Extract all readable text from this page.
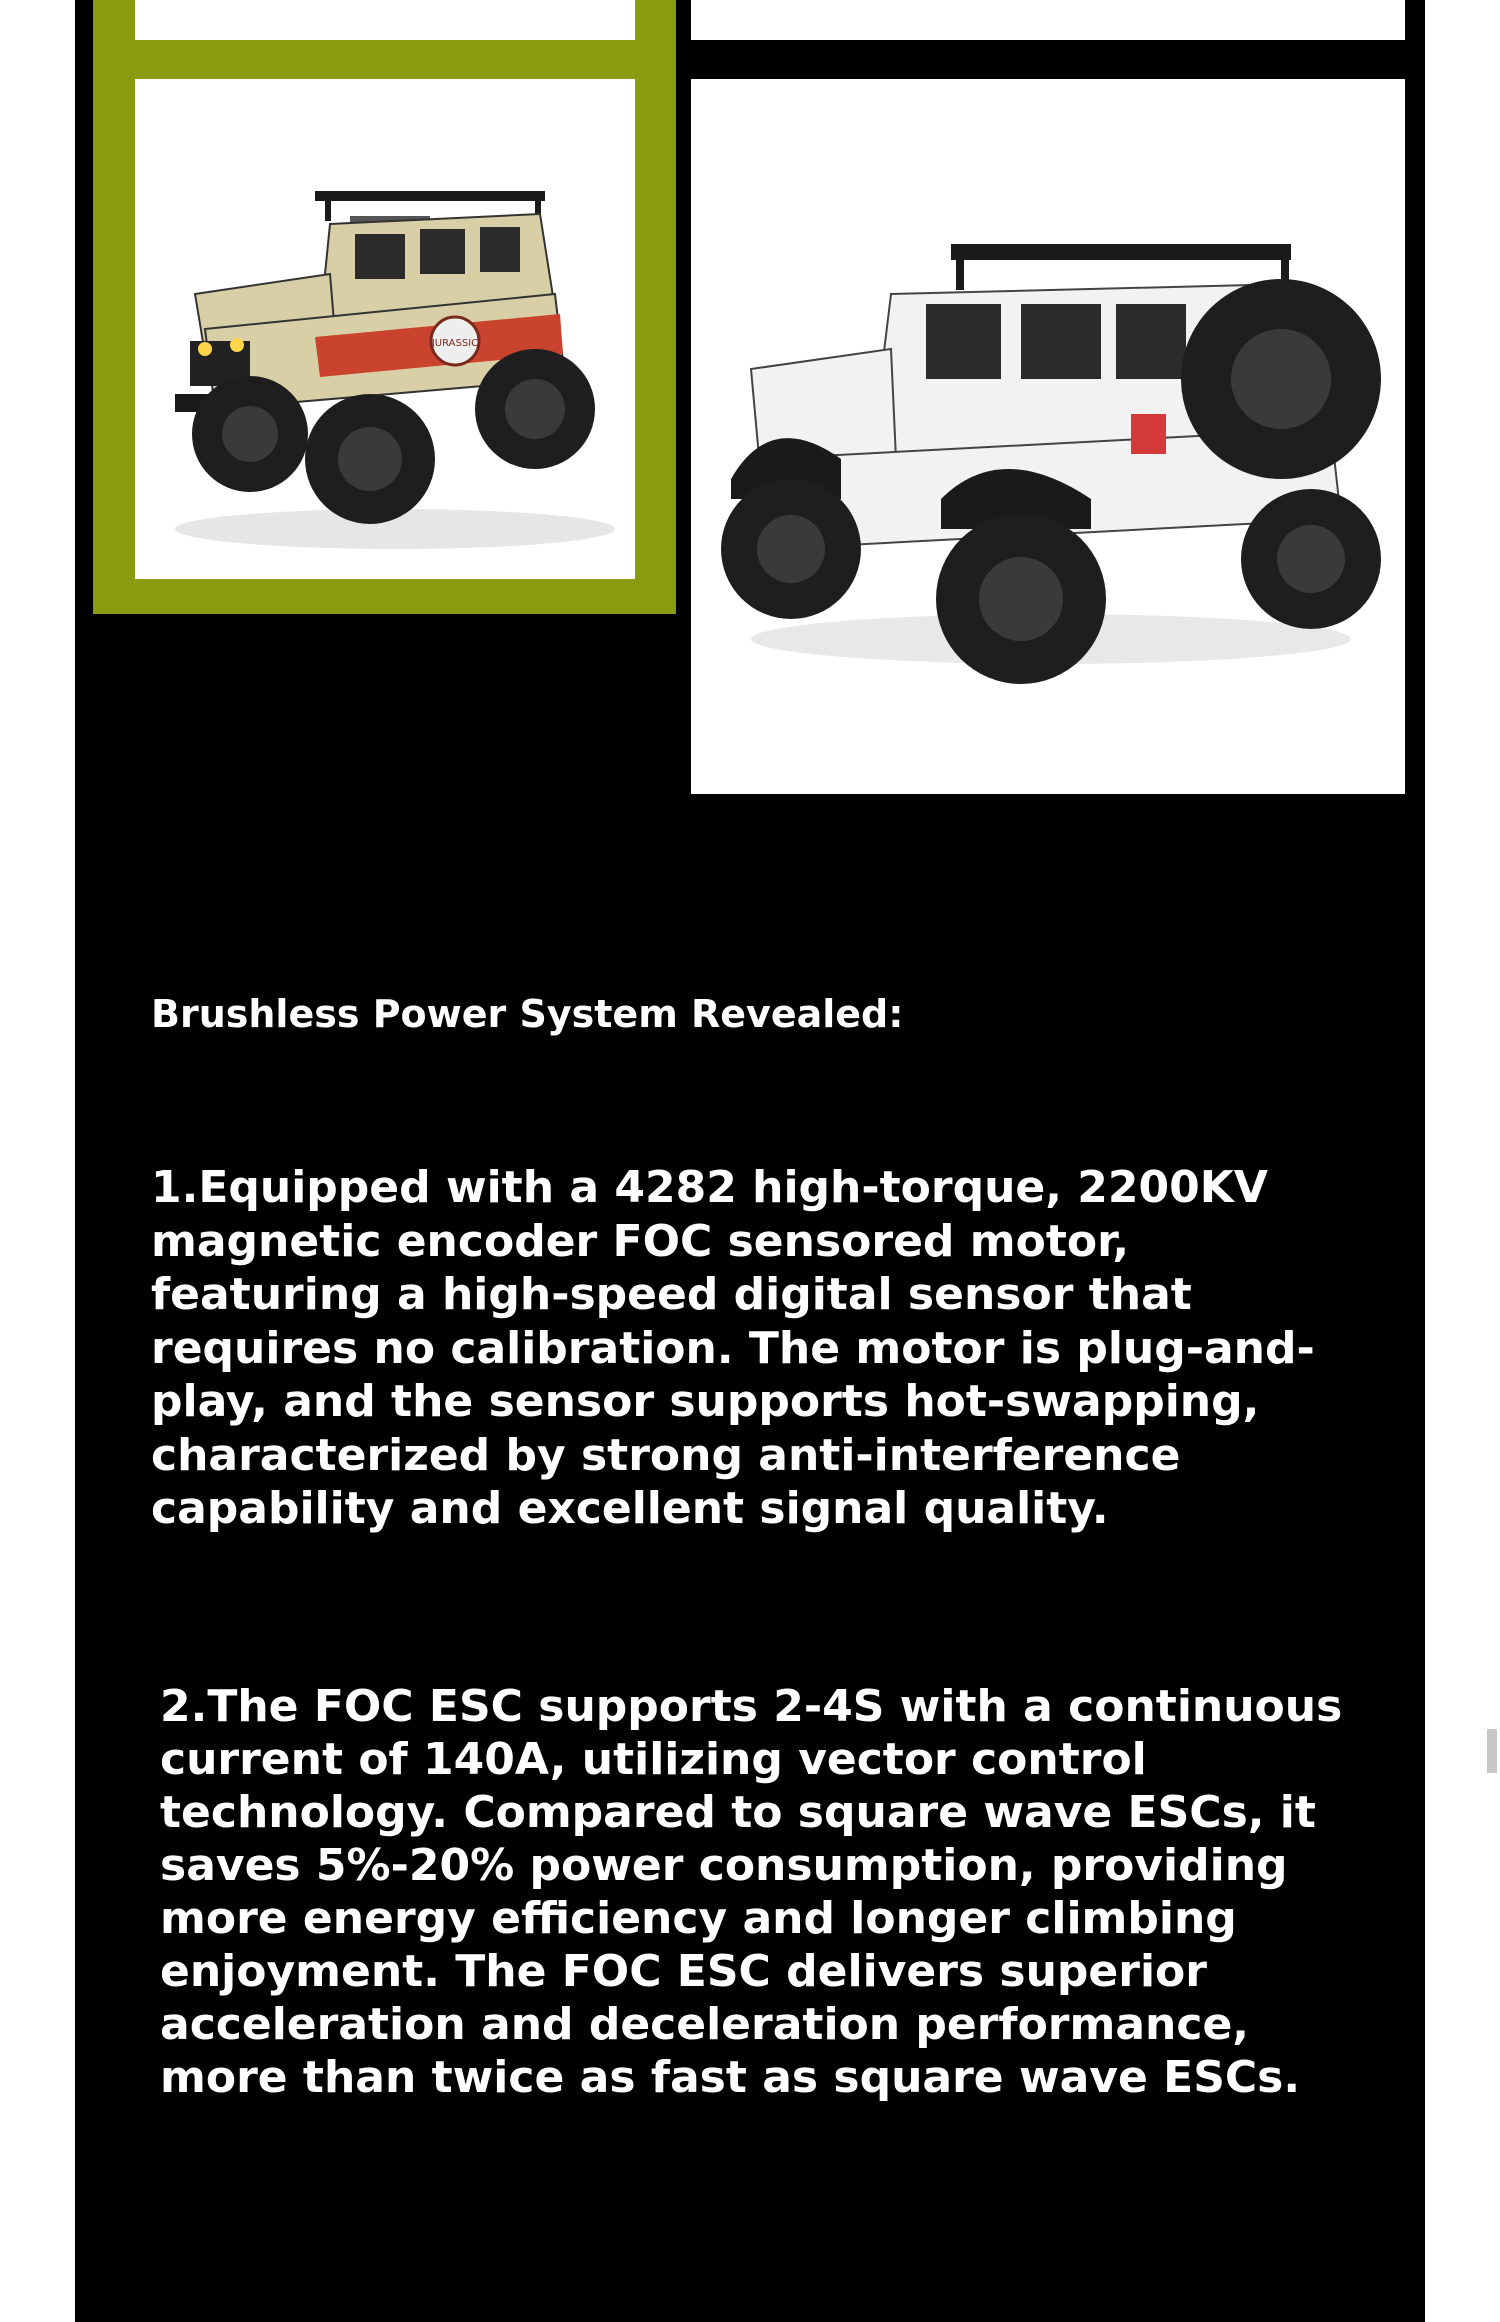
JURASSIC
Brushless Power System Revealed:

1.Equipped with a 4282 high-torque, 2200KV magnetic encoder FOC sensored motor, featuring a high-speed digital sensor that requires no calibration. The motor is plug-and-play, and the sensor supports hot-swapping, characterized by strong anti-interference capability and excellent signal quality.

2.The FOC ESC supports 2-4S with a continuous current of 140A, utilizing vector control technology. Compared to square wave ESCs, it saves 5%-20% power consumption, providing more energy efficiency and longer climbing enjoyment. The FOC ESC delivers superior acceleration and deceleration performance, more than twice as fast as square wave ESCs.
